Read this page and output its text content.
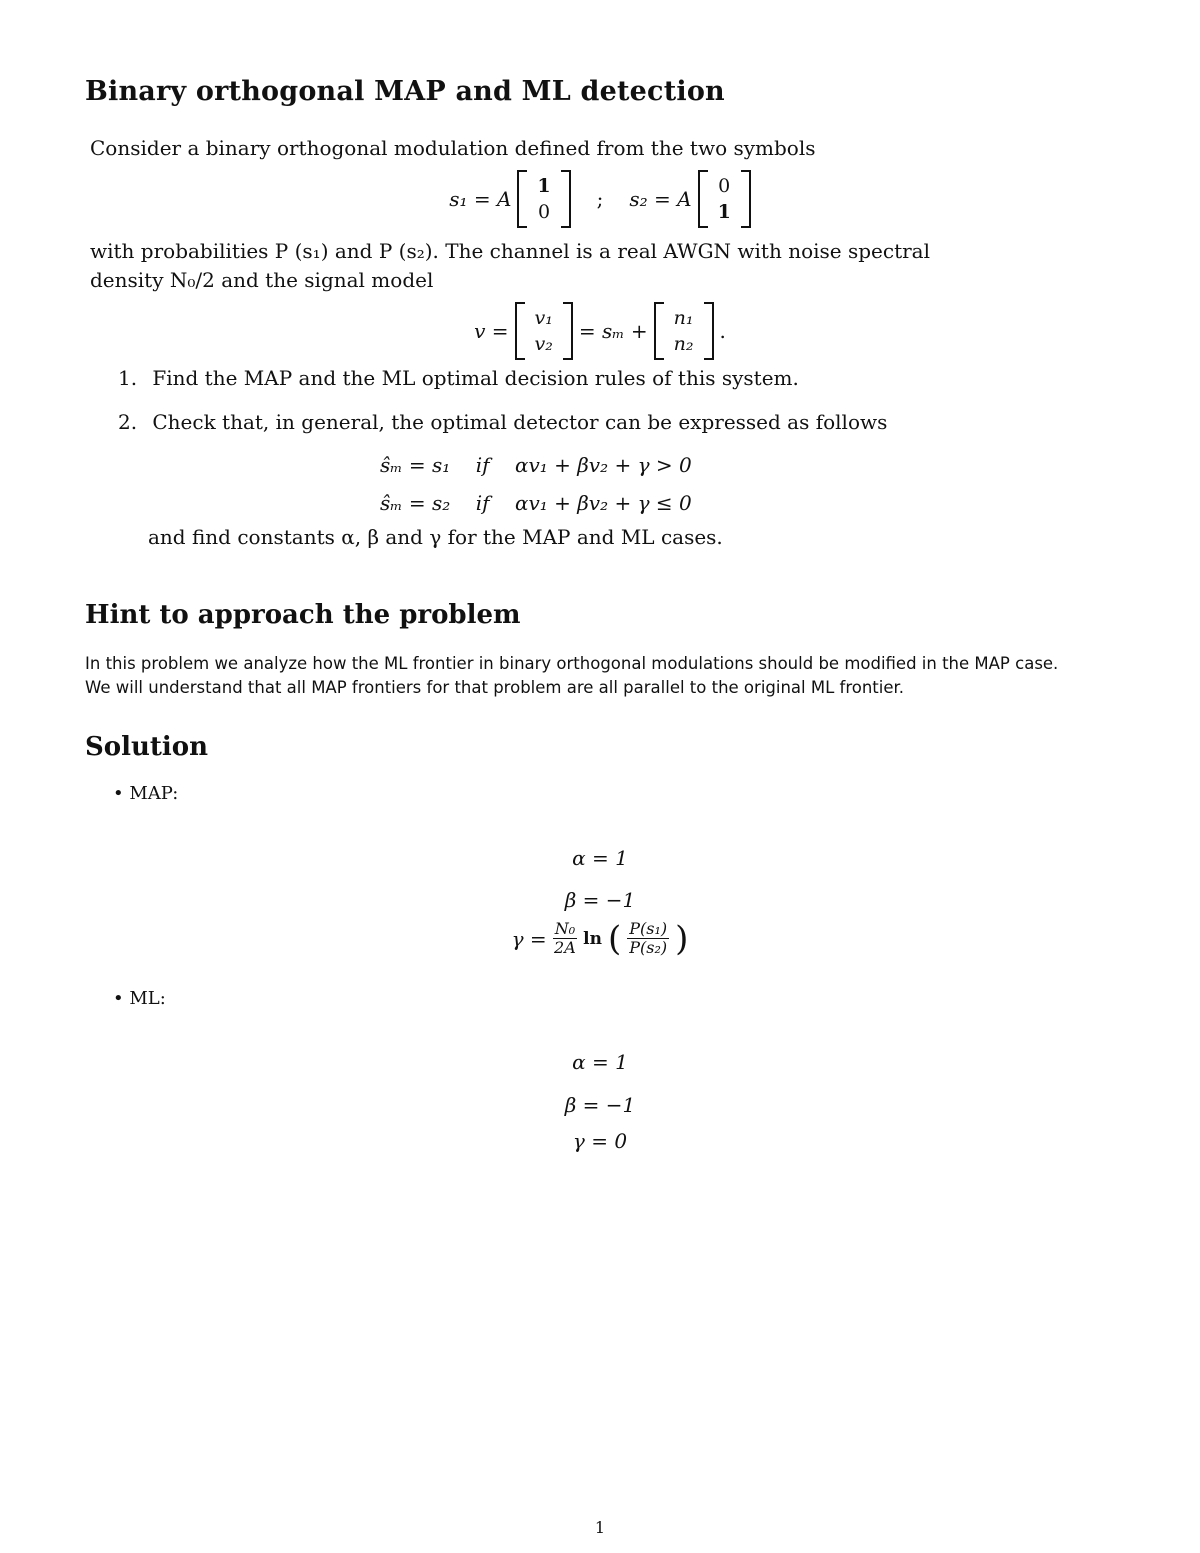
Binary orthogonal MAP and ML detection
Consider a binary orthogonal modulation defined from the two symbols
s₁ = A
1
0
;	s₂ = A
0
1
with probabilities P (s₁) and P (s₂). The channel is a real AWGN with noise spectral
density N₀/2 and the signal model
v =
v₁
v₂
= sₘ +
n₁
n₂
.
1. Find the MAP and the ML optimal decision rules of this system.
2. Check that, in general, the optimal detector can be expressed as follows
ŝₘ = s₁    if    αv₁ + βv₂ + γ > 0
ŝₘ = s₂    if    αv₁ + βv₂ + γ ≤ 0
and find constants α, β and γ for the MAP and ML cases.
Hint to approach the problem
In this problem we analyze how the ML frontier in binary orthogonal modulations should be modified in the MAP case.
We will understand that all MAP frontiers for that problem are all parallel to the original ML frontier.
Solution
• MAP:
α = 1
β = −1
$\gamma = \frac{\text{N₀}}{2A}$ ln ( $\frac{\text{P(s₁)}}{\text{P(s₂)}}$ )
• ML:
α = 1
β = −1
γ = 0
1
